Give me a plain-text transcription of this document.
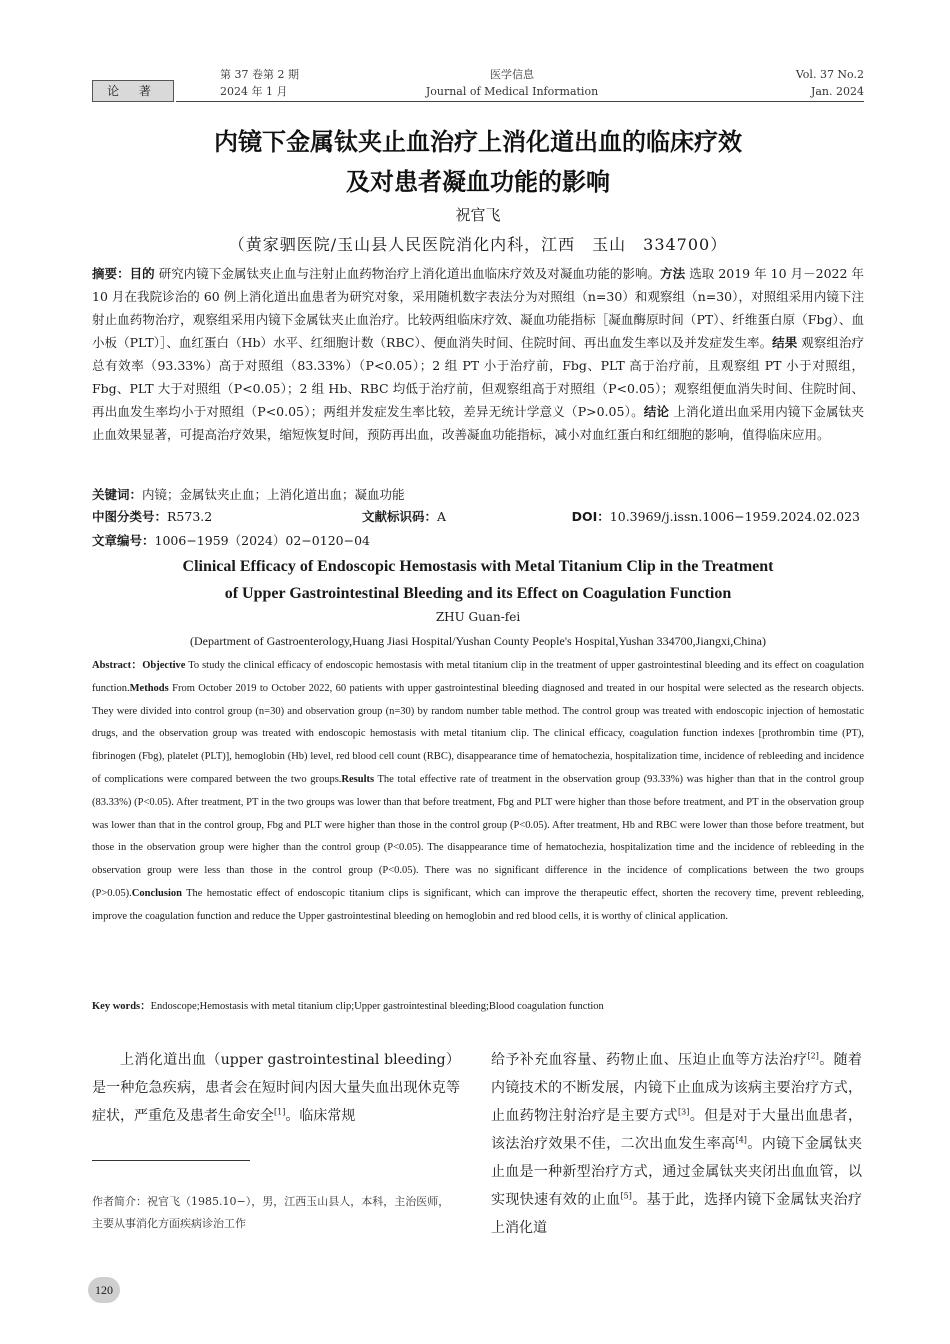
论 著
第 37 卷第 2 期
2024 年 1 月
医学信息
Journal of Medical Information
Vol. 37 No.2
Jan. 2024
内镜下金属钛夹止血治疗上消化道出血的临床疗效
及对患者凝血功能的影响
祝官飞
（黄家驷医院/玉山县人民医院消化内科，江西　玉山　334700）
摘要：目的 研究内镜下金属钛夹止血与注射止血药物治疗上消化道出血临床疗效及对凝血功能的影响。方法 选取 2019 年 10 月－2022 年 10 月在我院诊治的 60 例上消化道出血患者为研究对象，采用随机数字表法分为对照组（n=30）和观察组（n=30），对照组采用内镜下注射止血药物治疗，观察组采用内镜下金属钛夹止血治疗。比较两组临床疗效、凝血功能指标［凝血酶原时间（PT）、纤维蛋白原（Fbg）、血小板（PLT）］、血红蛋白（Hb）水平、红细胞计数（RBC）、便血消失时间、住院时间、再出血发生率以及并发症发生率。结果 观察组治疗总有效率（93.33%）高于对照组（83.33%）（P<0.05）；2 组 PT 小于治疗前，Fbg、PLT 高于治疗前，且观察组 PT 小于对照组，Fbg、PLT 大于对照组（P<0.05）；2 组 Hb、RBC 均低于治疗前，但观察组高于对照组（P<0.05）；观察组便血消失时间、住院时间、再出血发生率均小于对照组（P<0.05）；两组并发症发生率比较，差异无统计学意义（P>0.05）。结论 上消化道出血采用内镜下金属钛夹止血效果显著，可提高治疗效果，缩短恢复时间，预防再出血，改善凝血功能指标，减小对血红蛋白和红细胞的影响，值得临床应用。
关键词：内镜；金属钛夹止血；上消化道出血；凝血功能
中图分类号：R573.2	文献标识码：A	DOI：10.3969/j.issn.1006−1959.2024.02.023
文章编号：1006−1959（2024）02−0120−04
Clinical Efficacy of Endoscopic Hemostasis with Metal Titanium Clip in the Treatment
of Upper Gastrointestinal Bleeding and its Effect on Coagulation Function
ZHU Guan-fei
(Department of Gastroenterology,Huang Jiasi Hospital/Yushan County People's Hospital,Yushan 334700,Jiangxi,China)
Abstract：Objective To study the clinical efficacy of endoscopic hemostasis with metal titanium clip in the treatment of upper gastrointestinal bleeding and its effect on coagulation function.Methods From October 2019 to October 2022, 60 patients with upper gastrointestinal bleeding diagnosed and treated in our hospital were selected as the research objects. They were divided into control group (n=30) and observation group (n=30) by random number table method. The control group was treated with endoscopic injection of hemostatic drugs, and the observation group was treated with endoscopic hemostasis with metal titanium clip. The clinical efficacy, coagulation function indexes [prothrombin time (PT), fibrinogen (Fbg), platelet (PLT)], hemoglobin (Hb) level, red blood cell count (RBC), disappearance time of hematochezia, hospitalization time, incidence of rebleeding and incidence of complications were compared between the two groups.Results The total effective rate of treatment in the observation group (93.33%) was higher than that in the control group (83.33%) (P<0.05). After treatment, PT in the two groups was lower than that before treatment, Fbg and PLT were higher than those before treatment, and PT in the observation group was lower than that in the control group, Fbg and PLT were higher than those in the control group (P<0.05). After treatment, Hb and RBC were lower than those before treatment, but those in the observation group were higher than the control group (P<0.05). The disappearance time of hematochezia, hospitalization time and the incidence of rebleeding in the observation group were less than those in the control group (P<0.05). There was no significant difference in the incidence of complications between the two groups (P>0.05).Conclusion The hemostatic effect of endoscopic titanium clips is significant, which can improve the therapeutic effect, shorten the recovery time, prevent rebleeding, improve the coagulation function and reduce the Upper gastrointestinal bleeding on hemoglobin and red blood cells, it is worthy of clinical application.
Key words：Endoscope;Hemostasis with metal titanium clip;Upper gastrointestinal bleeding;Blood coagulation function
上消化道出血（upper gastrointestinal bleeding）是一种危急疾病，患者会在短时间内因大量失血出现休克等症状，严重危及患者生命安全[1]。临床常规
给予补充血容量、药物止血、压迫止血等方法治疗[2]。随着内镜技术的不断发展，内镜下止血成为该病主要治疗方式，止血药物注射治疗是主要方式[3]。但是对于大量出血患者，该法治疗效果不佳，二次出血发生率高[4]。内镜下金属钛夹止血是一种新型治疗方式，通过金属钛夹夹闭出血血管，以实现快速有效的止血[5]。基于此，选择内镜下金属钛夹治疗上消化道
作者简介：祝官飞（1985.10−），男，江西玉山县人，本科，主治医师，主要从事消化方面疾病诊治工作
120
